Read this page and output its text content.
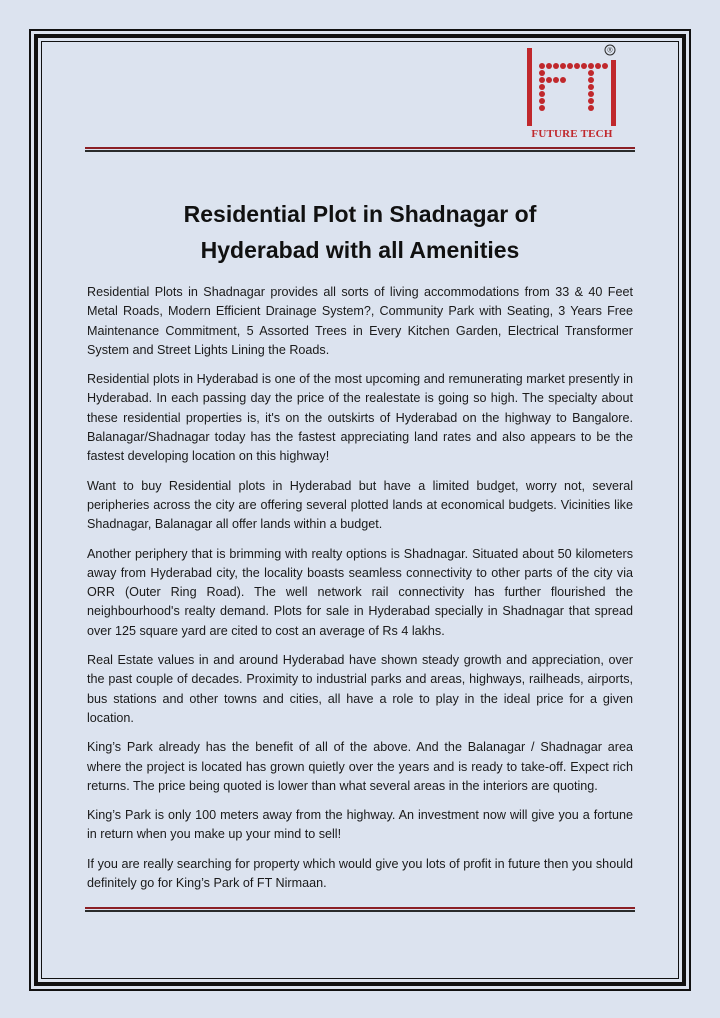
®
FUTURE TECH
Residential Plot in Shadnagar of
Hyderabad with all Amenities

Residential Plots in Shadnagar provides all sorts of living accommodations from 33 & 40 Feet Metal Roads, Modern Efficient Drainage System?, Community Park with Seating, 3 Years Free Maintenance Commitment, 5 Assorted Trees in Every Kitchen Garden, Electrical Transformer System and Street Lights Lining the Roads.

Residential plots in Hyderabad is one of the most upcoming and remunerating market presently in Hyderabad. In each passing day the price of the realestate is going so high. The specialty about these residential properties is, it's on the outskirts of Hyderabad on the highway to Bangalore. Balanagar/Shadnagar today has the fastest appreciating land rates and also appears to be the fastest developing location on this highway!

Want to buy Residential plots in Hyderabad but have a limited budget, worry not, several peripheries across the city are offering several plotted lands at economical budgets. Vicinities like Shadnagar, Balanagar all offer lands within a budget.

Another periphery that is brimming with realty options is Shadnagar. Situated about 50 kilometers away from Hyderabad city, the locality boasts seamless connectivity to other parts of the city via ORR (Outer Ring Road). The well network rail connectivity has further flourished the neighbourhood's realty demand. Plots for sale in Hyderabad specially in Shadnagar that spread over 125 square yard are cited to cost an average of Rs 4 lakhs.

Real Estate values in and around Hyderabad have shown steady growth and appreciation, over the past couple of decades. Proximity to industrial parks and areas, highways, railheads, airports, bus stations and other towns and cities, all have a role to play in the ideal price for a given location.

King’s Park already has the benefit of all of the above. And the Balanagar / Shadnagar area where the project is located has grown quietly over the years and is ready to take-off. Expect rich returns. The price being quoted is lower than what several areas in the interiors are quoting.

King’s Park is only 100 meters away from the highway. An investment now will give you a fortune in return when you make up your mind to sell!

If you are really searching for property which would give you lots of profit in future then you should definitely go for King’s Park of FT Nirmaan.
